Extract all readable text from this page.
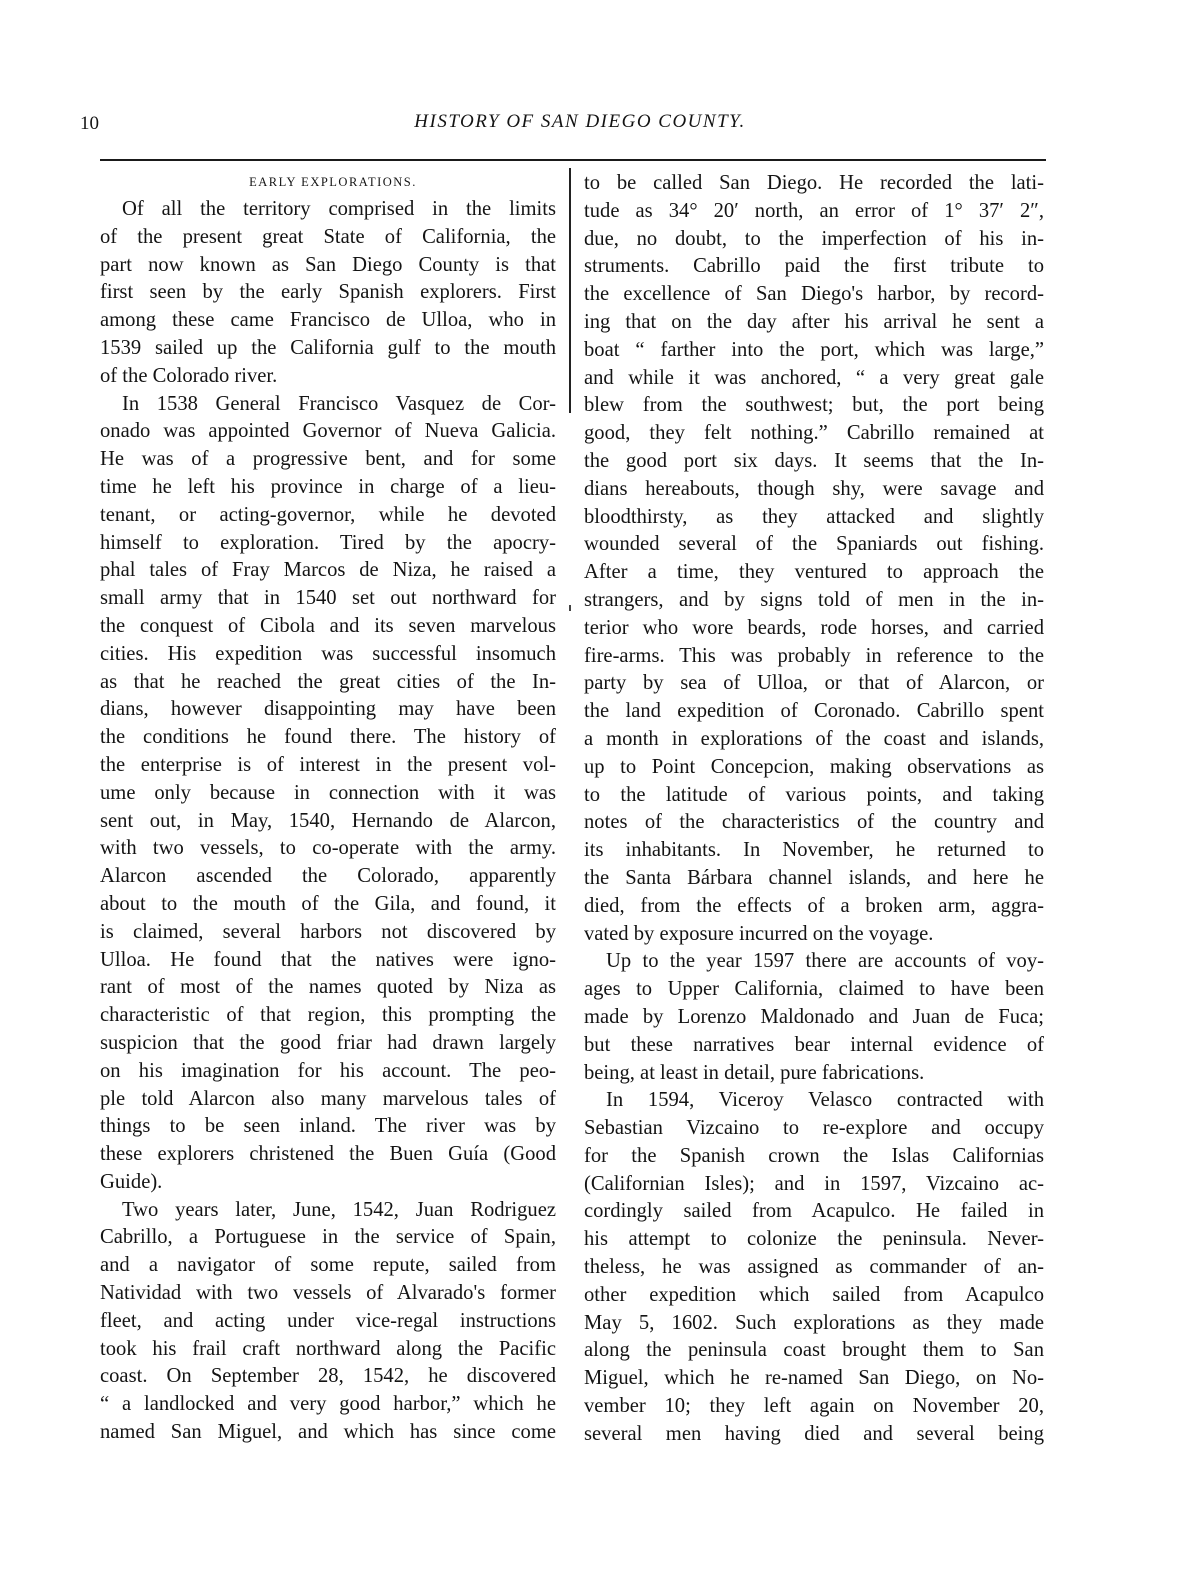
10	HISTORY OF SAN DIEGO COUNTY.
EARLY EXPLORATIONS.
Of all the territory comprised in the limits
of the present great State of California, the
part now known as San Diego County is that
first seen by the early Spanish explorers. First
among these came Francisco de Ulloa, who in
1539 sailed up the California gulf to the mouth
of the Colorado river.
In 1538 General Francisco Vasquez de Cor-
onado was appointed Governor of Nueva Galicia.
He was of a progressive bent, and for some
time he left his province in charge of a lieu-
tenant, or acting-governor, while he devoted
himself to exploration. Tired by the apocry-
phal tales of Fray Marcos de Niza, he raised a
small army that in 1540 set out northward for
the conquest of Cibola and its seven marvelous
cities. His expedition was successful insomuch
as that he reached the great cities of the In-
dians, however disappointing may have been
the conditions he found there. The history of
the enterprise is of interest in the present vol-
ume only because in connection with it was
sent out, in May, 1540, Hernando de Alarcon,
with two vessels, to co-operate with the army.
Alarcon ascended the Colorado, apparently
about to the mouth of the Gila, and found, it
is claimed, several harbors not discovered by
Ulloa. He found that the natives were igno-
rant of most of the names quoted by Niza as
characteristic of that region, this prompting the
suspicion that the good friar had drawn largely
on his imagination for his account. The peo-
ple told Alarcon also many marvelous tales of
things to be seen inland. The river was by
these explorers christened the Buen Guía (Good
Guide).
Two years later, June, 1542, Juan Rodriguez
Cabrillo, a Portuguese in the service of Spain,
and a navigator of some repute, sailed from
Natividad with two vessels of Alvarado's former
fleet, and acting under vice-regal instructions
took his frail craft northward along the Pacific
coast. On September 28, 1542, he discovered
“ a landlocked and very good harbor,” which he
named San Miguel, and which has since come
to be called San Diego. He recorded the lati-
tude as 34° 20′ north, an error of 1° 37′ 2″,
due, no doubt, to the imperfection of his in-
struments. Cabrillo paid the first tribute to
the excellence of San Diego's harbor, by record-
ing that on the day after his arrival he sent a
boat “ farther into the port, which was large,”
and while it was anchored, “ a very great gale
blew from the southwest; but, the port being
good, they felt nothing.” Cabrillo remained at
the good port six days. It seems that the In-
dians hereabouts, though shy, were savage and
bloodthirsty, as they attacked and slightly
wounded several of the Spaniards out fishing.
After a time, they ventured to approach the
strangers, and by signs told of men in the in-
terior who wore beards, rode horses, and carried
fire-arms. This was probably in reference to the
party by sea of Ulloa, or that of Alarcon, or
the land expedition of Coronado. Cabrillo spent
a month in explorations of the coast and islands,
up to Point Concepcion, making observations as
to the latitude of various points, and taking
notes of the characteristics of the country and
its inhabitants. In November, he returned to
the Santa Bárbara channel islands, and here he
died, from the effects of a broken arm, aggra-
vated by exposure incurred on the voyage.
Up to the year 1597 there are accounts of voy-
ages to Upper California, claimed to have been
made by Lorenzo Maldonado and Juan de Fuca;
but these narratives bear internal evidence of
being, at least in detail, pure fabrications.
In 1594, Viceroy Velasco contracted with
Sebastian Vizcaino to re-explore and occupy
for the Spanish crown the Islas Californias
(Californian Isles); and in 1597, Vizcaino ac-
cordingly sailed from Acapulco. He failed in
his attempt to colonize the peninsula. Never-
theless, he was assigned as commander of an-
other expedition which sailed from Acapulco
May 5, 1602. Such explorations as they made
along the peninsula coast brought them to San
Miguel, which he re-named San Diego, on No-
vember 10; they left again on November 20,
several men having died and several being
